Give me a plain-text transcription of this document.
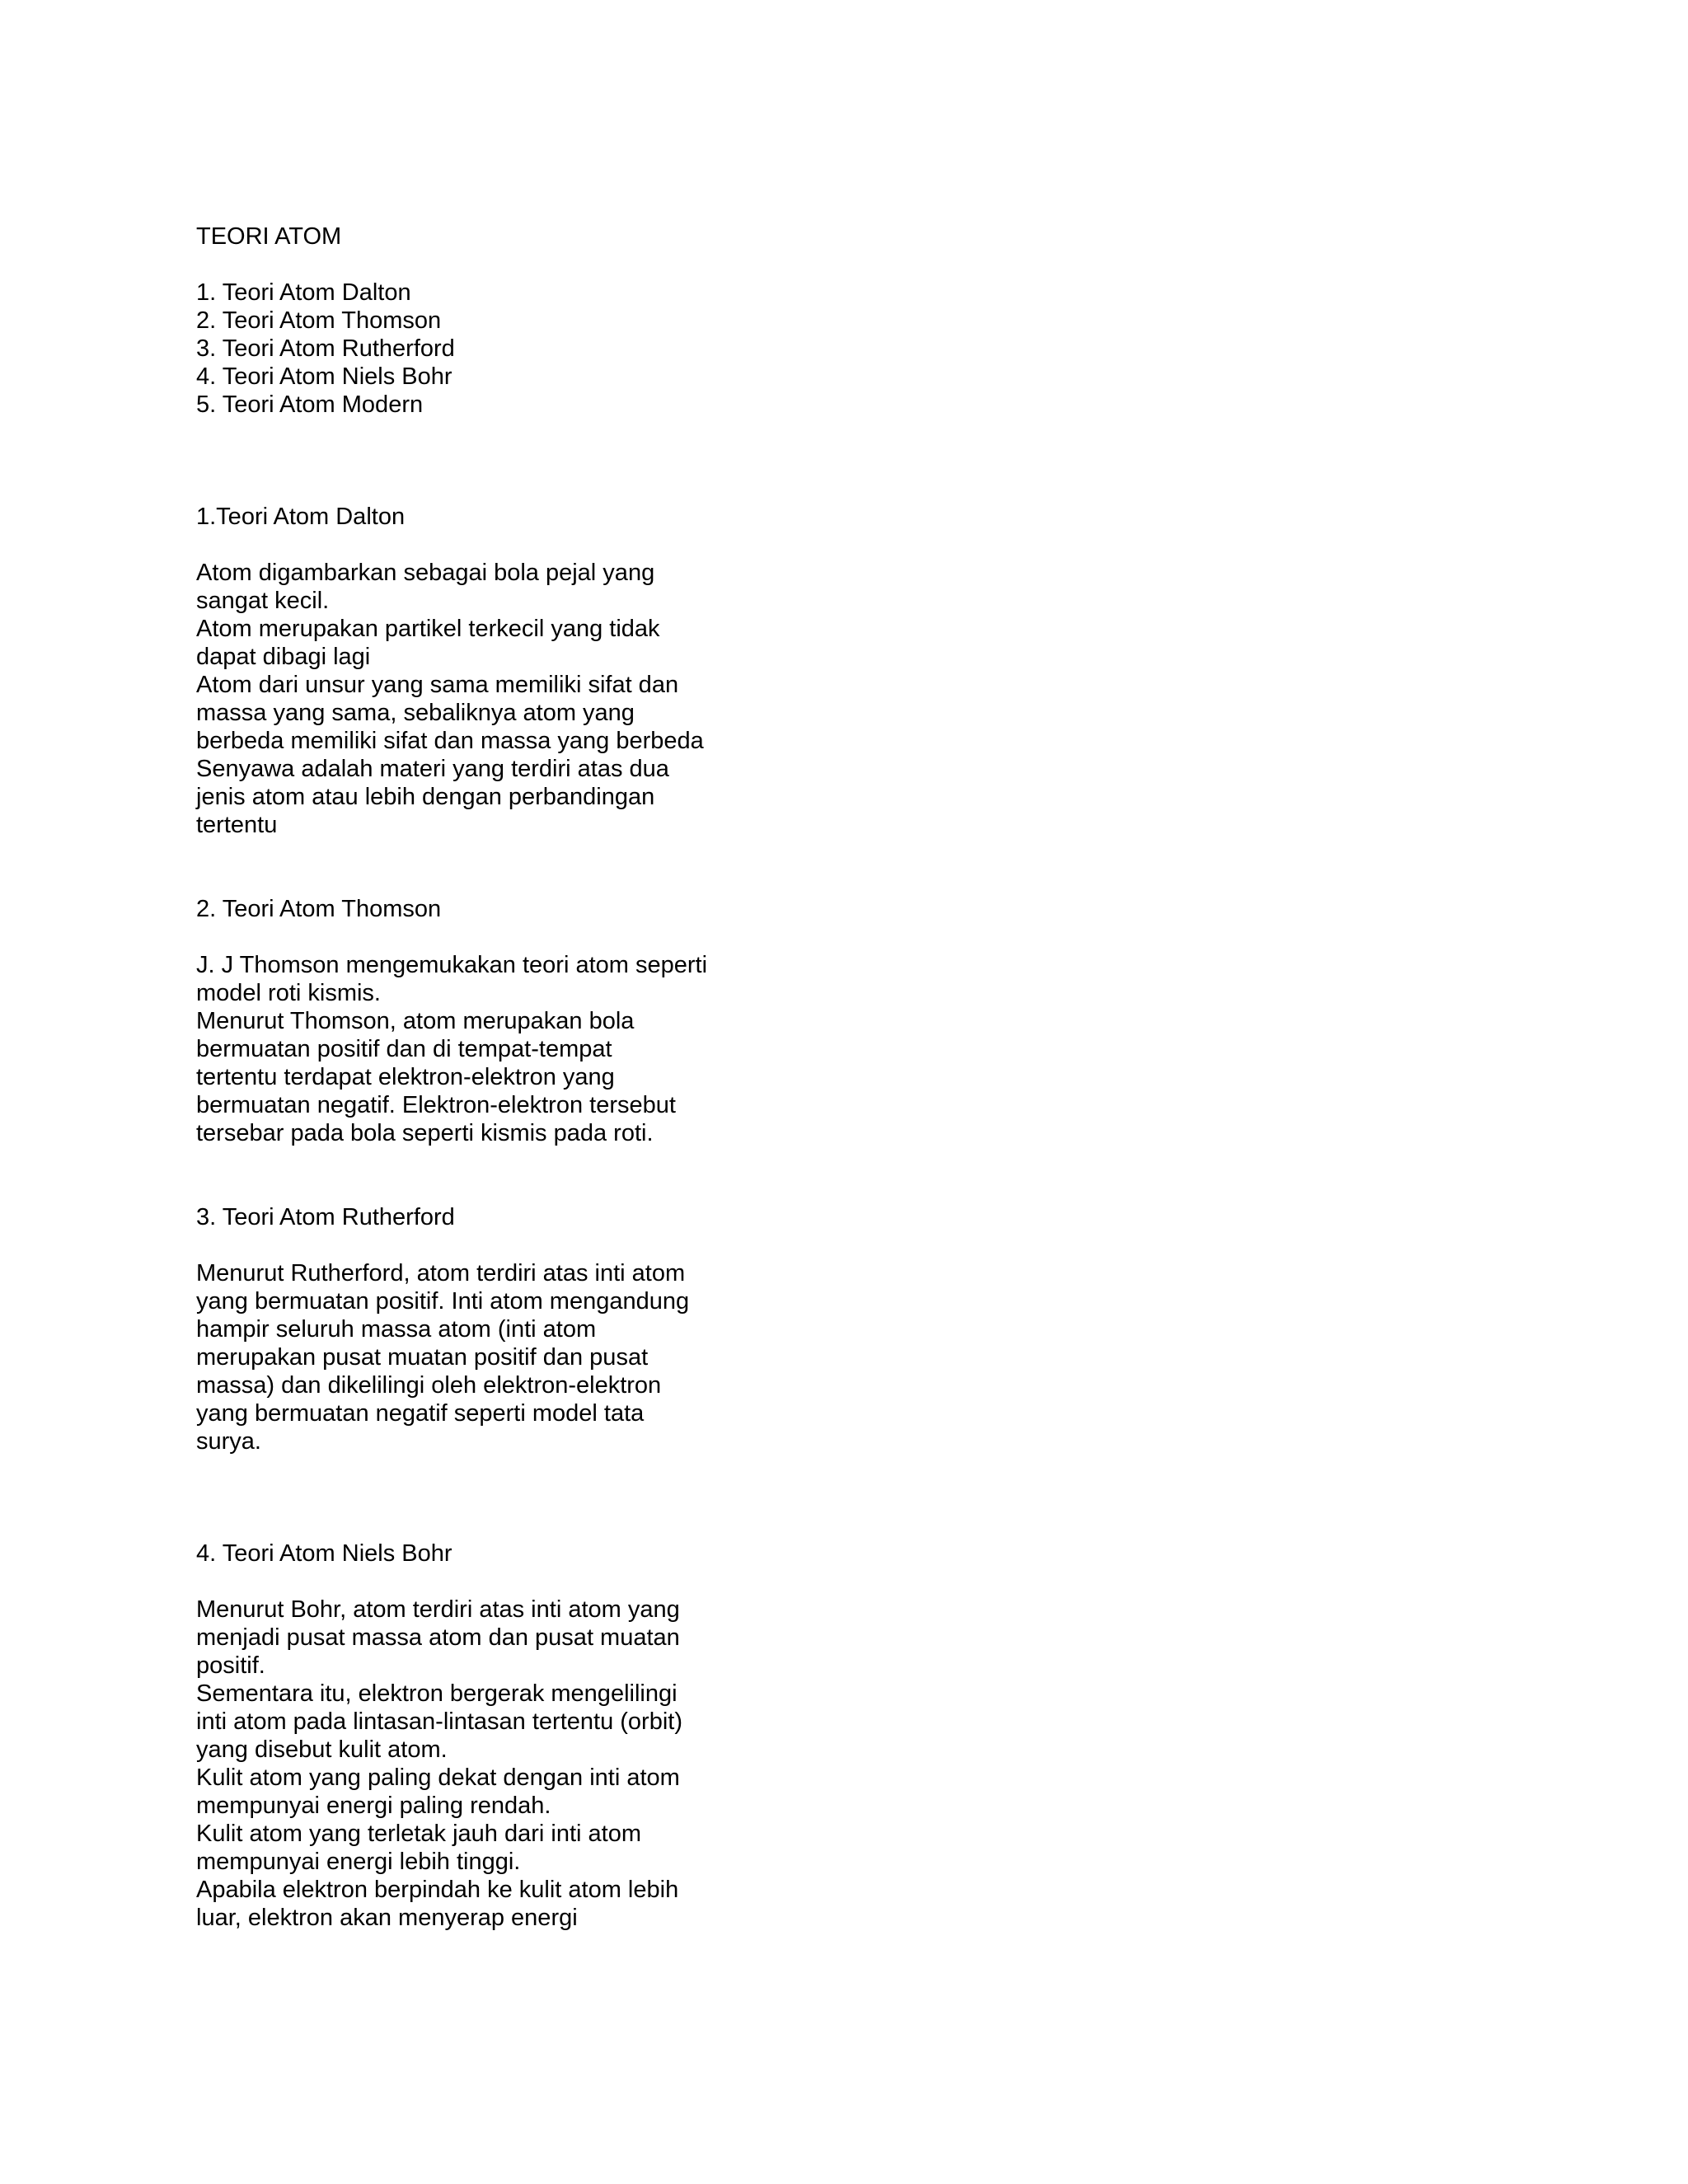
TEORI ATOM

1. Teori Atom Dalton
2. Teori Atom Thomson
3. Teori Atom Rutherford
4. Teori Atom Niels Bohr
5. Teori Atom Modern

1.Teori Atom Dalton

Atom digambarkan sebagai bola pejal yang

sangat kecil.

Atom merupakan partikel terkecil yang tidak

dapat dibagi lagi

Atom dari unsur yang sama memiliki sifat dan

massa yang sama, sebaliknya atom yang

berbeda memiliki sifat dan massa yang berbeda

Senyawa adalah materi yang terdiri atas dua

jenis atom atau lebih dengan perbandingan

tertentu

2. Teori Atom Thomson

J. J Thomson mengemukakan teori atom seperti

model roti kismis.

Menurut Thomson, atom merupakan bola

bermuatan positif dan di tempat-tempat

tertentu terdapat elektron-elektron yang

bermuatan negatif. Elektron-elektron tersebut

tersebar pada bola seperti kismis pada roti.

3. Teori Atom Rutherford

Menurut Rutherford, atom terdiri atas inti atom

yang bermuatan positif. Inti atom mengandung

hampir seluruh massa atom (inti atom

merupakan pusat muatan positif dan pusat

massa) dan dikelilingi oleh elektron-elektron

yang bermuatan negatif seperti model tata

surya.

4. Teori Atom Niels Bohr

Menurut Bohr, atom terdiri atas inti atom yang

menjadi pusat massa atom dan pusat muatan

positif.

Sementara itu, elektron bergerak mengelilingi

inti atom pada lintasan-lintasan tertentu (orbit)

yang disebut kulit atom.

Kulit atom yang paling dekat dengan inti atom

mempunyai energi paling rendah.

Kulit atom yang terletak jauh dari inti atom

mempunyai energi lebih tinggi.

Apabila elektron berpindah ke kulit atom lebih

luar, elektron akan menyerap energi
